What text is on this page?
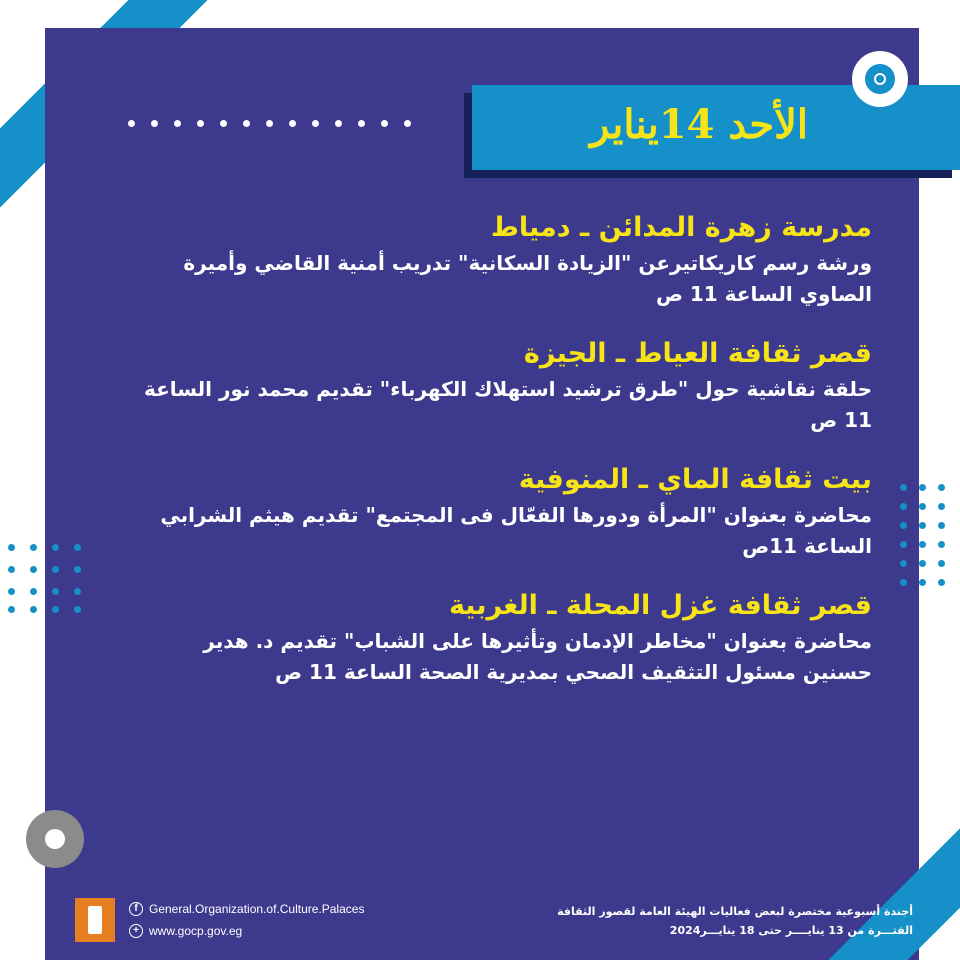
الأحد 14يناير
مدرسة زهرة المدائن ـ دمياط
ورشة رسم كاريكاتيرعن "الزيادة السكانية" تدريب أمنية القاضي وأميرة الصاوي الساعة 11 ص
قصر ثقافة العياط ـ الجيزة
حلقة نقاشية حول "طرق ترشيد استهلاك الكهرباء" تقديم محمد نور الساعة 11 ص
بيت ثقافة الماي ـ المنوفية
محاضرة بعنوان "المرأة ودورها الفعّال فى المجتمع" تقديم هيثم الشرابي الساعة 11ص
قصر ثقافة غزل المحلة ـ الغربية
محاضرة بعنوان "مخاطر الإدمان وتأثيرها على الشباب" تقديم د. هدير حسنين مسئول التثقيف الصحي بمديرية الصحة الساعة 11 ص
f General.Organization.of.Culture.Palaces
+ www.gocp.gov.eg
أجندة أسبوعية مختصرة لبعض فعاليات الهيئة العامة لقصور الثقافة
الفتـــرة من 13 ينايــــر حتى 18 ينايـــر2024
